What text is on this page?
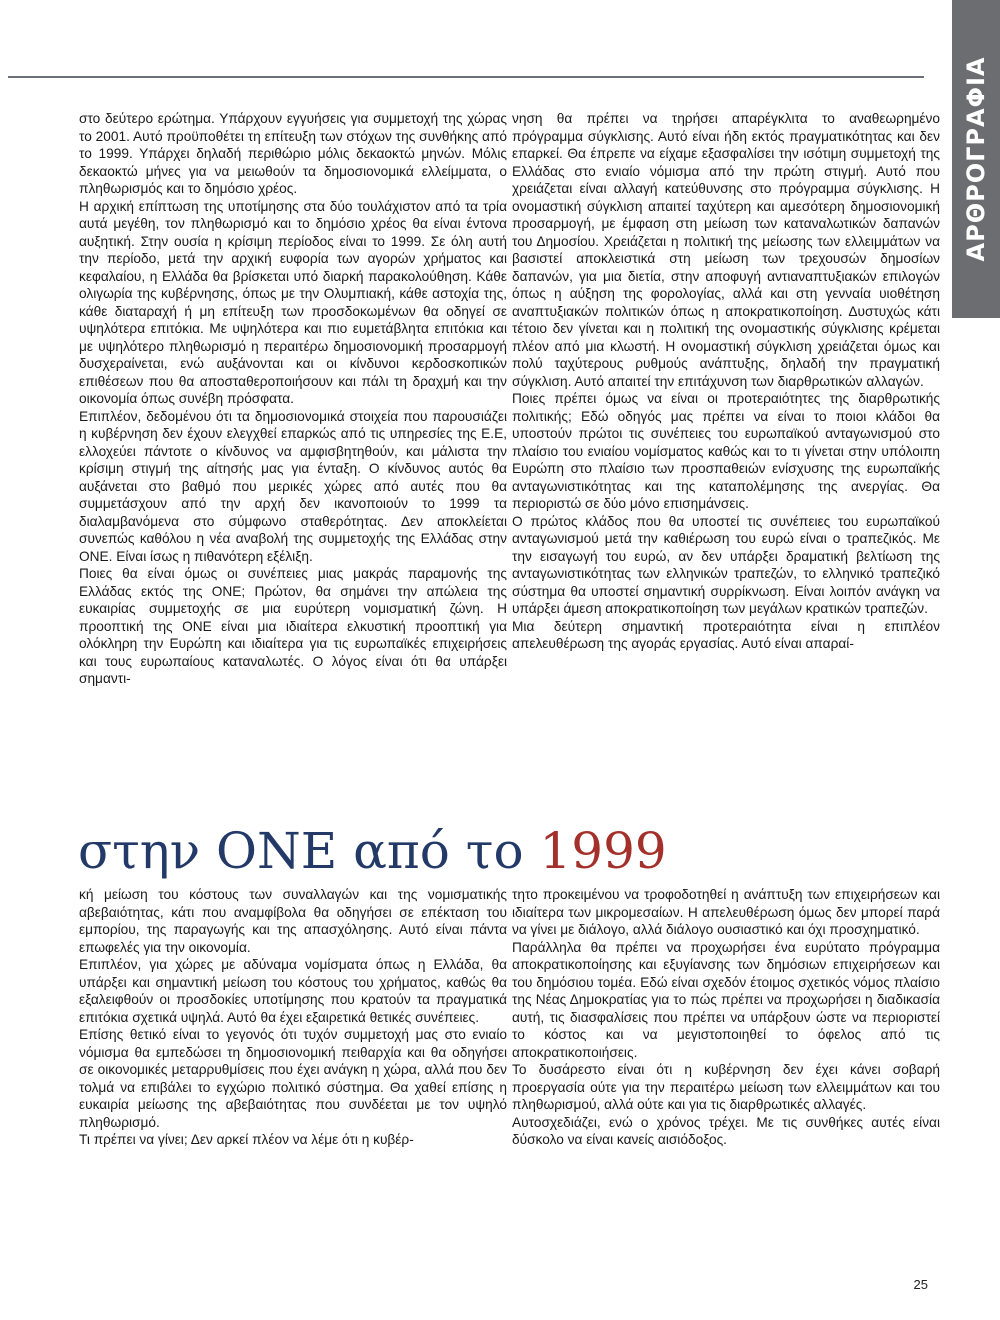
ΑΡΘΡΟΓΡΑΦΙΑ

στο δεύτερο ερώτημα. Υπάρχουν εγγυήσεις για συμμετοχή της χώρας το 2001. Αυτό προϋποθέτει τη επίτευξη των στόχων της συνθήκης από το 1999. Υπάρχει δηλαδή περιθώριο μόλις δεκαοκτώ μηνών. Μόλις δεκαοκτώ μήνες για να μειωθούν τα δημοσιονομικά ελλείμματα, ο πληθωρισμός και το δημόσιο χρέος.

Η αρχική επίπτωση της υποτίμησης στα δύο τουλάχιστον από τα τρία αυτά μεγέθη, τον πληθωρισμό και το δημόσιο χρέος θα είναι έντονα αυξητική. Στην ουσία η κρίσιμη περίοδος είναι το 1999. Σε όλη αυτή την περίοδο, μετά την αρχική ευφορία των αγορών χρήματος και κεφαλαίου, η Ελλάδα θα βρίσκεται υπό διαρκή παρακολούθηση. Κάθε ολιγωρία της κυβέρνησης, όπως με την Ολυμπιακή, κάθε αστοχία της, κάθε διαταραχή ή μη επίτευξη των προσδοκωμένων θα οδηγεί σε υψηλότερα επιτόκια. Με υψηλότερα και πιο ευμετάβλητα επιτόκια και με υψηλότερο πληθωρισμό η περαιτέρω δημοσιονομική προσαρμογή δυσχεραίνεται, ενώ αυξάνονται και οι κίνδυνοι κερδοσκοπικών επιθέσεων που θα αποσταθεροποιήσουν και πάλι τη δραχμή και την οικονομία όπως συνέβη πρόσφατα.

Επιπλέον, δεδομένου ότι τα δημοσιονομικά στοιχεία που παρουσιάζει η κυβέρνηση δεν έχουν ελεγχθεί επαρκώς από τις υπηρεσίες της Ε.Ε, ελλοχεύει πάντοτε ο κίνδυνος να αμφισβητηθούν, και μάλιστα την κρίσιμη στιγμή της αίτησής μας για ένταξη. Ο κίνδυνος αυτός θα αυξάνεται στο βαθμό που μερικές χώρες από αυτές που θα συμμετάσχουν από την αρχή δεν ικανοποιούν το 1999 τα διαλαμβανόμενα στο σύμφωνο σταθερότητας. Δεν αποκλείεται συνεπώς καθόλου η νέα αναβολή της συμμετοχής της Ελλάδας στην ΟΝΕ. Είναι ίσως η πιθανότερη εξέλιξη.

Ποιες θα είναι όμως οι συνέπειες μιας μακράς παραμονής της Ελλάδας εκτός της ΟΝΕ; Πρώτον, θα σημάνει την απώλεια της ευκαιρίας συμμετοχής σε μια ευρύτερη νομισματική ζώνη. Η προοπτική της ΟΝΕ είναι μια ιδιαίτερα ελκυστική προοπτική για ολόκληρη την Ευρώπη και ιδιαίτερα για τις ευρωπαϊκές επιχειρήσεις και τους ευρωπαίους καταναλωτές. Ο λόγος είναι ότι θα υπάρξει σημαντι-

νηση θα πρέπει να τηρήσει απαρέγκλιτα το αναθεωρημένο πρόγραμμα σύγκλισης. Αυτό είναι ήδη εκτός πραγματικότητας και δεν επαρκεί. Θα έπρεπε να είχαμε εξασφαλίσει την ισότιμη συμμετοχή της Ελλάδας στο ενιαίο νόμισμα από την πρώτη στιγμή. Αυτό που χρειάζεται είναι αλλαγή κατεύθυνσης στο πρόγραμμα σύγκλισης. Η ονομαστική σύγκλιση απαιτεί ταχύτερη και αμεσότερη δημοσιονομική προσαρμογή, με έμφαση στη μείωση των καταναλωτικών δαπανών του Δημοσίου. Χρειάζεται η πολιτική της μείωσης των ελλειμμάτων να βασιστεί αποκλειστικά στη μείωση των τρεχουσών δημοσίων δαπανών, για μια διετία, στην αποφυγή αντιαναπτυξιακών επιλογών όπως η αύξηση της φορολογίας, αλλά και στη γενναία υιοθέτηση αναπτυξιακών πολιτικών όπως η αποκρατικοποίηση. Δυστυχώς κάτι τέτοιο δεν γίνεται και η πολιτική της ονομαστικής σύγκλισης κρέμεται πλέον από μια κλωστή. Η ονομαστική σύγκλιση χρειάζεται όμως και πολύ ταχύτερους ρυθμούς ανάπτυξης, δηλαδή την πραγματική σύγκλιση. Αυτό απαιτεί την επιτάχυνση των διαρθρωτικών αλλαγών.

Ποιες πρέπει όμως να είναι οι προτεραιότητες της διαρθρωτικής πολιτικής; Εδώ οδηγός μας πρέπει να είναι το ποιοι κλάδοι θα υποστούν πρώτοι τις συνέπειες του ευρωπαϊκού ανταγωνισμού στο πλαίσιο του ενιαίου νομίσματος καθώς και το τι γίνεται στην υπόλοιπη Ευρώπη στο πλαίσιο των προσπαθειών ενίσχυσης της ευρωπαϊκής ανταγωνιστικότητας και της καταπολέμησης της ανεργίας. Θα περιοριστώ σε δύο μόνο επισημάνσεις.

Ο πρώτος κλάδος που θα υποστεί τις συνέπειες του ευρωπαϊκού ανταγωνισμού μετά την καθιέρωση του ευρώ είναι ο τραπεζικός. Με την εισαγωγή του ευρώ, αν δεν υπάρξει δραματική βελτίωση της ανταγωνιστικότητας των ελληνικών τραπεζών, το ελληνικό τραπεζικό σύστημα θα υποστεί σημαντική συρρίκνωση. Είναι λοιπόν ανάγκη να υπάρξει άμεση αποκρατικοποίηση των μεγάλων κρατικών τραπεζών.

Μια δεύτερη σημαντική προτεραιότητα είναι η επιπλέον απελευθέρωση της αγοράς εργασίας. Αυτό είναι απαραί-

στην ΟΝΕ από το 1999

κή μείωση του κόστους των συναλλαγών και της νομισματικής αβεβαιότητας, κάτι που αναμφίβολα θα οδηγήσει σε επέκταση του εμπορίου, της παραγωγής και της απασχόλησης. Αυτό είναι πάντα επωφελές για την οικονομία.

Επιπλέον, για χώρες με αδύναμα νομίσματα όπως η Ελλάδα, θα υπάρξει και σημαντική μείωση του κόστους του χρήματος, καθώς θα εξαλειφθούν οι προσδοκίες υποτίμησης που κρατούν τα πραγματικά επιτόκια σχετικά υψηλά. Αυτό θα έχει εξαιρετικά θετικές συνέπειες.

Επίσης θετικό είναι το γεγονός ότι τυχόν συμμετοχή μας στο ενιαίο νόμισμα θα εμπεδώσει τη δημοσιονομική πειθαρχία και θα οδηγήσει σε οικονομικές μεταρρυθμίσεις που έχει ανάγκη η χώρα, αλλά που δεν τολμά να επιβάλει το εγχώριο πολιτικό σύστημα. Θα χαθεί επίσης η ευκαιρία μείωσης της αβεβαιότητας που συνδέεται με τον υψηλό πληθωρισμό.

Τι πρέπει να γίνει; Δεν αρκεί πλέον να λέμε ότι η κυβέρ-

τητο προκειμένου να τροφοδοτηθεί η ανάπτυξη των επιχειρήσεων και ιδιαίτερα των μικρομεσαίων. Η απελευθέρωση όμως δεν μπορεί παρά να γίνει με διάλογο, αλλά διάλογο ουσιαστικό και όχι προσχηματικό.

Παράλληλα θα πρέπει να προχωρήσει ένα ευρύτατο πρόγραμμα αποκρατικοποίησης και εξυγίανσης των δημόσιων επιχειρήσεων και του δημόσιου τομέα. Εδώ είναι σχεδόν έτοιμος σχετικός νόμος πλαίσιο της Νέας Δημοκρατίας για το πώς πρέπει να προχωρήσει η διαδικασία αυτή, τις διασφαλίσεις που πρέπει να υπάρξουν ώστε να περιοριστεί το κόστος και να μεγιστοποιηθεί το όφελος από τις αποκρατικοποιήσεις.

Το δυσάρεστο είναι ότι η κυβέρνηση δεν έχει κάνει σοβαρή προεργασία ούτε για την περαιτέρω μείωση των ελλειμμάτων και του πληθωρισμού, αλλά ούτε και για τις διαρθρωτικές αλλαγές.

Αυτοσχεδιάζει, ενώ ο χρόνος τρέχει. Με τις συνθήκες αυτές είναι δύσκολο να είναι κανείς αισιόδοξος.

25
